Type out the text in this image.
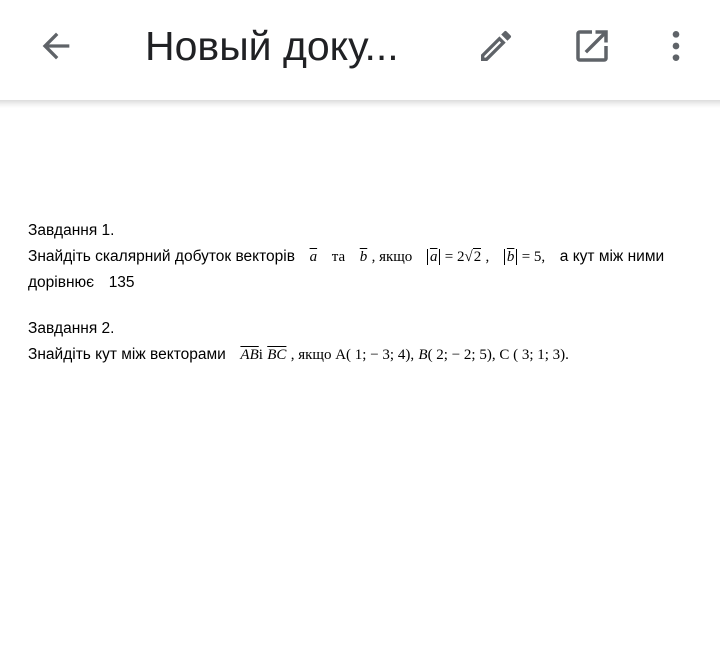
Новый доку...
Завдання 1.
Знайдіть скалярний добуток векторів $\overline{a}$ та $\overline{b}$ , якщо $\overline{a} = 2√2$ , $\overline{b} = 5$, а кут між ними
дорівнює 135
Завдання 2.
Знайдіть кут між векторами $\overline{AB}і$ $\overline{BC}$ , якщо A( 1; − 3; 4), B( 2; − 2; 5), C ( 3; 1; 3).
